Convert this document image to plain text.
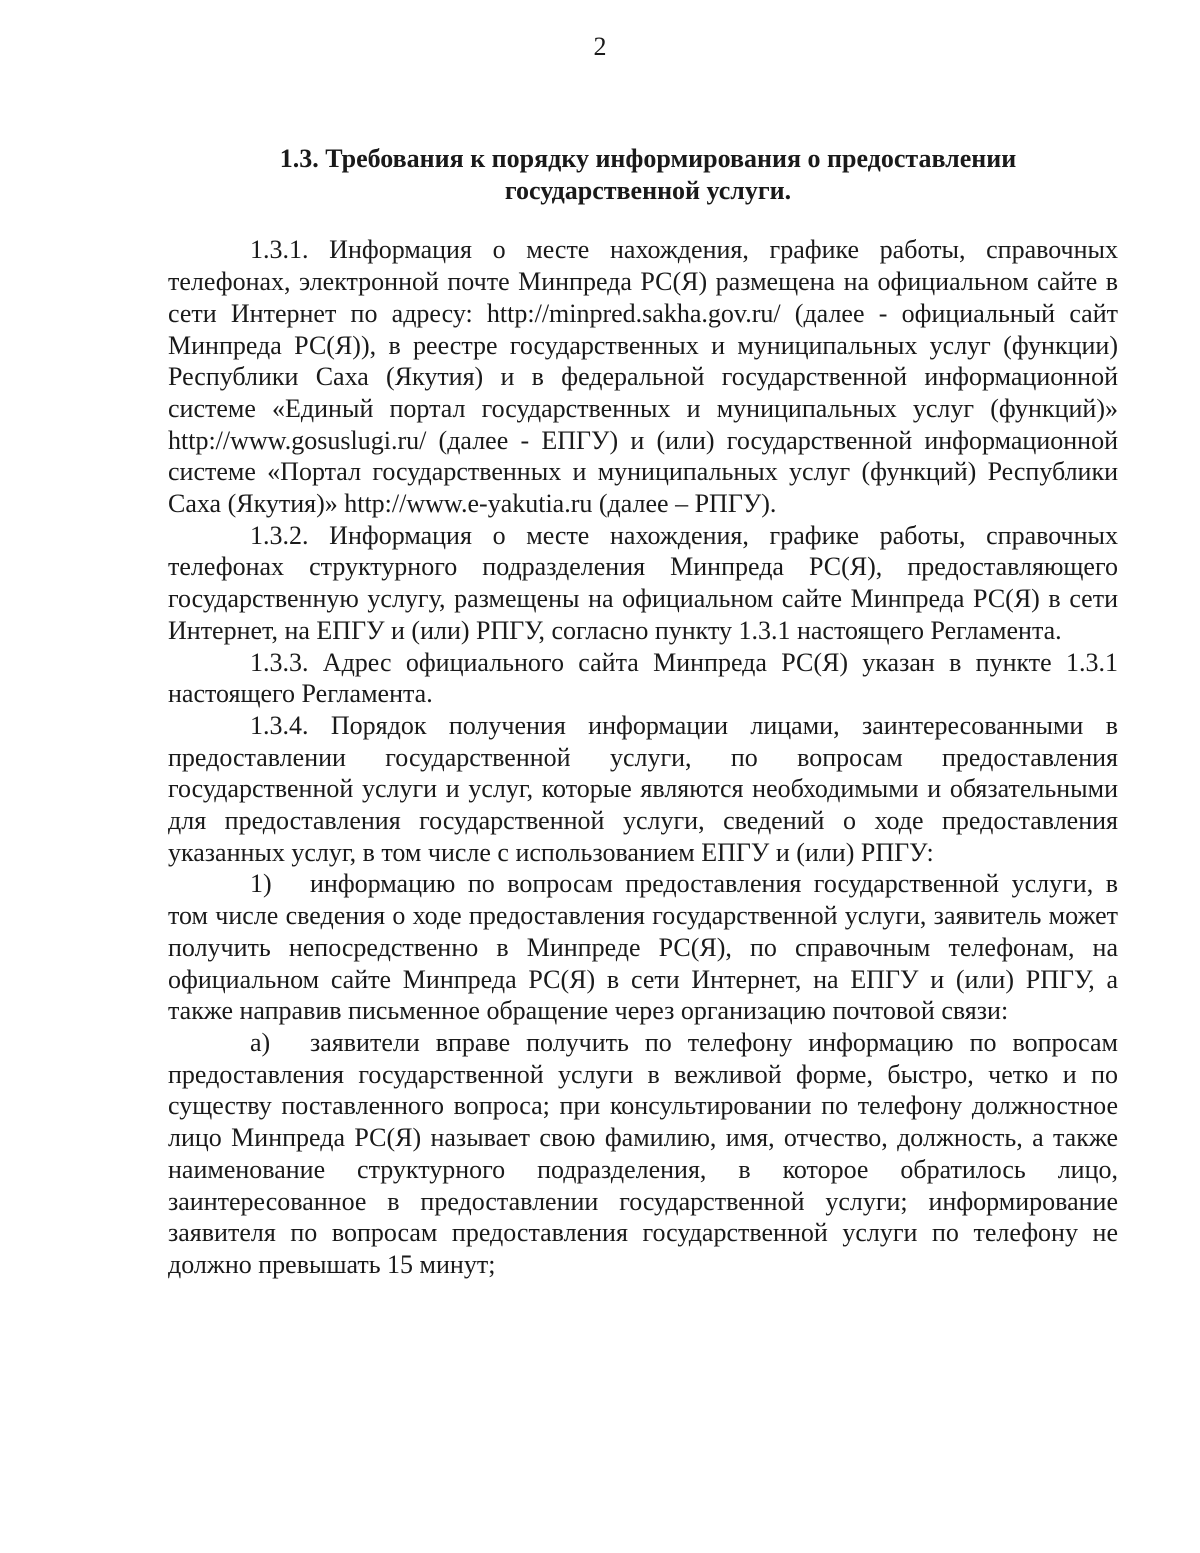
2
1.3. Требования к порядку информирования о предоставлении
государственной услуги.

1.3.1. Информация о месте нахождения, графике работы, справочных телефонах, электронной почте Минпреда РС(Я) размещена на официальном сайте в сети Интернет по адресу: http://minpred.sakha.gov.ru/ (далее - официальный сайт Минпреда РС(Я)), в реестре государственных и муниципальных услуг (функции) Республики Саха (Якутия) и в федеральной государственной информационной системе «Единый портал государственных и муниципальных услуг (функций)» http://www.gosuslugi.ru/ (далее - ЕПГУ) и (или) государственной информационной системе «Портал государственных и муниципальных услуг (функций) Республики Саха (Якутия)» http://www.e-yakutia.ru (далее – РПГУ).

1.3.2. Информация о месте нахождения, графике работы, справочных телефонах структурного подразделения Минпреда РС(Я), предоставляющего государственную услугу, размещены на официальном сайте Минпреда РС(Я) в сети Интернет, на ЕПГУ и (или) РПГУ, согласно пункту 1.3.1 настоящего Регламента.

1.3.3. Адрес официального сайта Минпреда РС(Я) указан в пункте 1.3.1 настоящего Регламента.

1.3.4. Порядок получения информации лицами, заинтересованными в предоставлении государственной услуги, по вопросам предоставления государственной услуги и услуг, которые являются необходимыми и обязательными для предоставления государственной услуги, сведений о ходе предоставления указанных услуг, в том числе с использованием ЕПГУ и (или) РПГУ:

1) информацию по вопросам предоставления государственной услуги, в том числе сведения о ходе предоставления государственной услуги, заявитель может получить непосредственно в Минпреде РС(Я), по справочным телефонам, на официальном сайте Минпреда РС(Я) в сети Интернет, на ЕПГУ и (или) РПГУ, а также направив письменное обращение через организацию почтовой связи:
а) заявители вправе получить по телефону информацию по вопросам предоставления государственной услуги в вежливой форме, быстро, четко и по существу поставленного вопроса; при консультировании по телефону должностное лицо Минпреда РС(Я) называет свою фамилию, имя, отчество, должность, а также наименование структурного подразделения, в которое обратилось лицо, заинтересованное в предоставлении государственной услуги; информирование заявителя по вопросам предоставления государственной услуги по телефону не должно превышать 15 минут;
